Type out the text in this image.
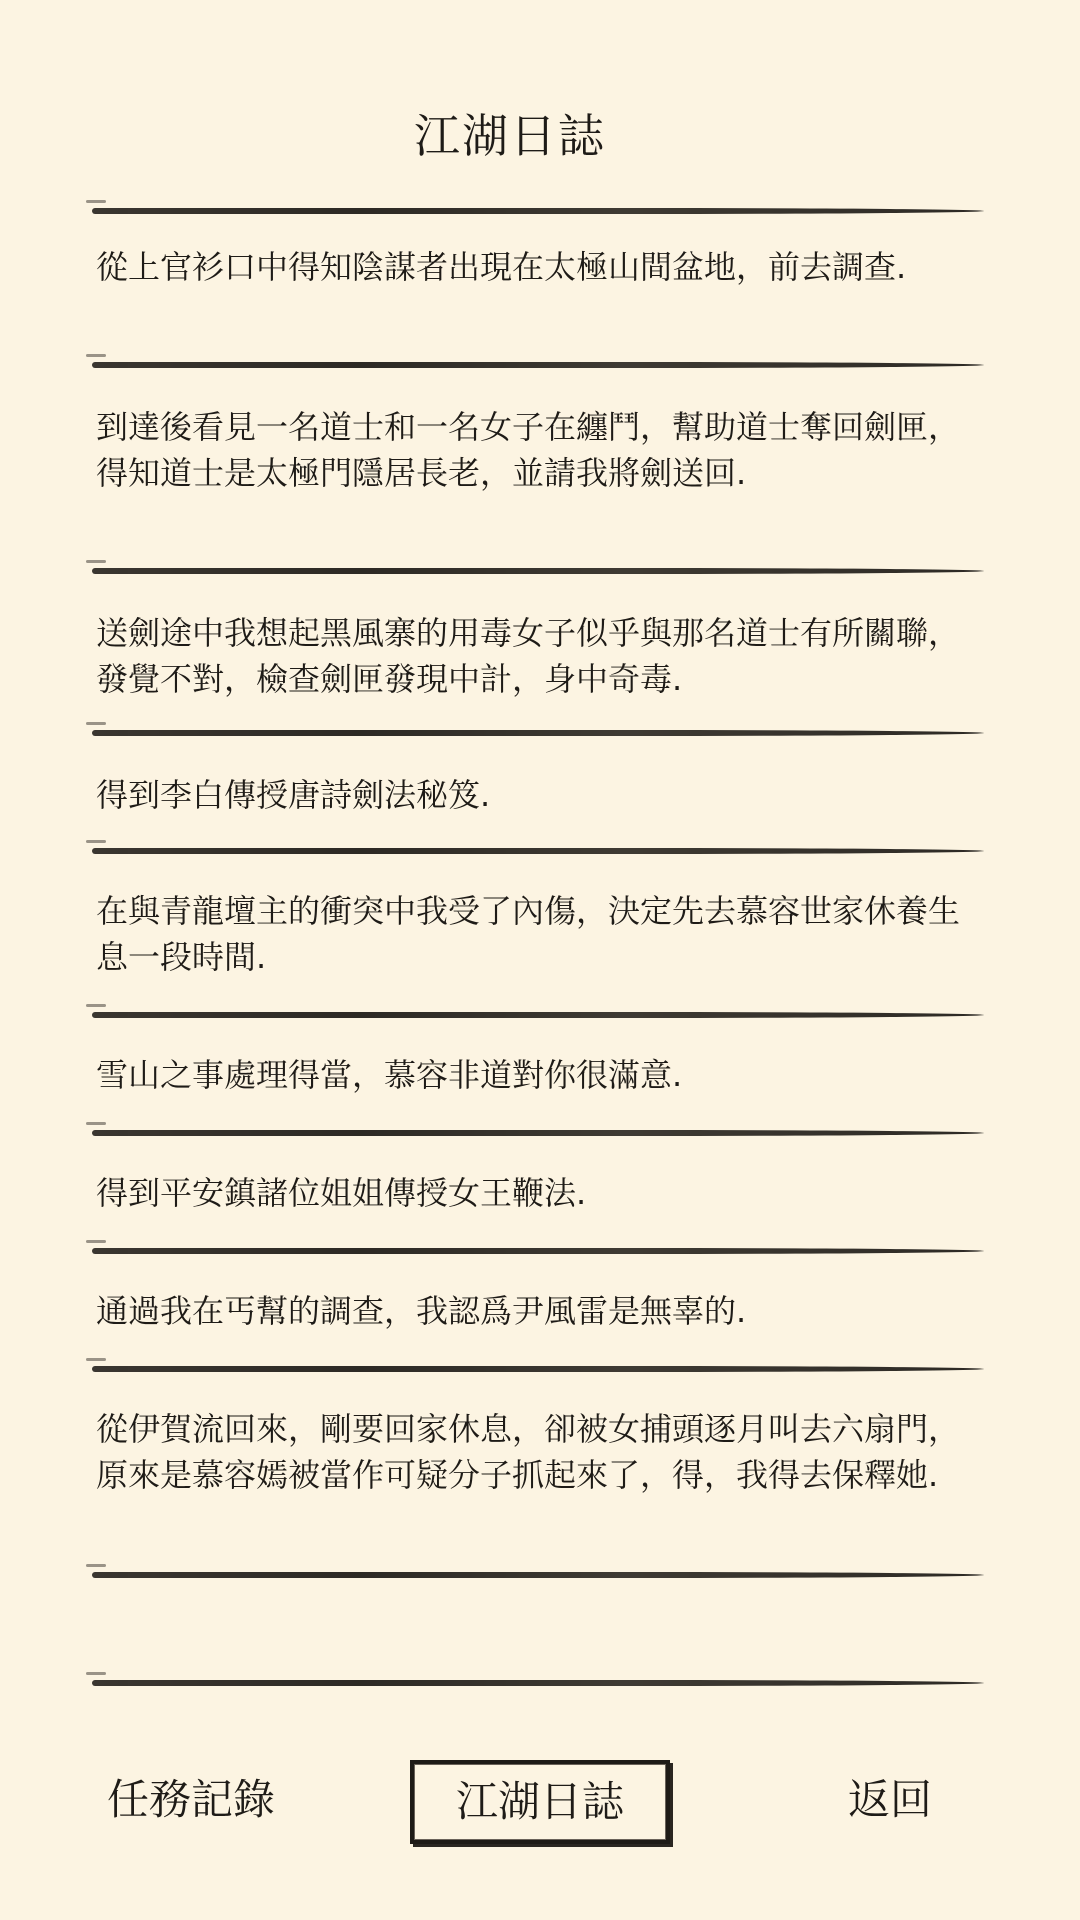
江湖日誌

從上官衫口中得知陰謀者出現在太極山間盆地，前去調查.

到達後看見一名道士和一名女子在纏鬥，幫助道士奪回劍匣，得知道士是太極門隱居長老，並請我將劍送回.

送劍途中我想起黑風寨的用毒女子似乎與那名道士有所關聯，發覺不對，檢查劍匣發現中計，身中奇毒.

得到李白傳授唐詩劍法秘笈.

在與青龍壇主的衝突中我受了內傷，決定先去慕容世家休養生息一段時間.

雪山之事處理得當，慕容非道對你很滿意.

得到平安鎮諸位姐姐傳授女王鞭法.

通過我在丐幫的調查，我認爲尹風雷是無辜的.

從伊賀流回來，剛要回家休息，卻被女捕頭逐月叫去六扇門，原來是慕容嫣被當作可疑分子抓起來了，得，我得去保釋她.

任務記錄	江湖日誌	返回
